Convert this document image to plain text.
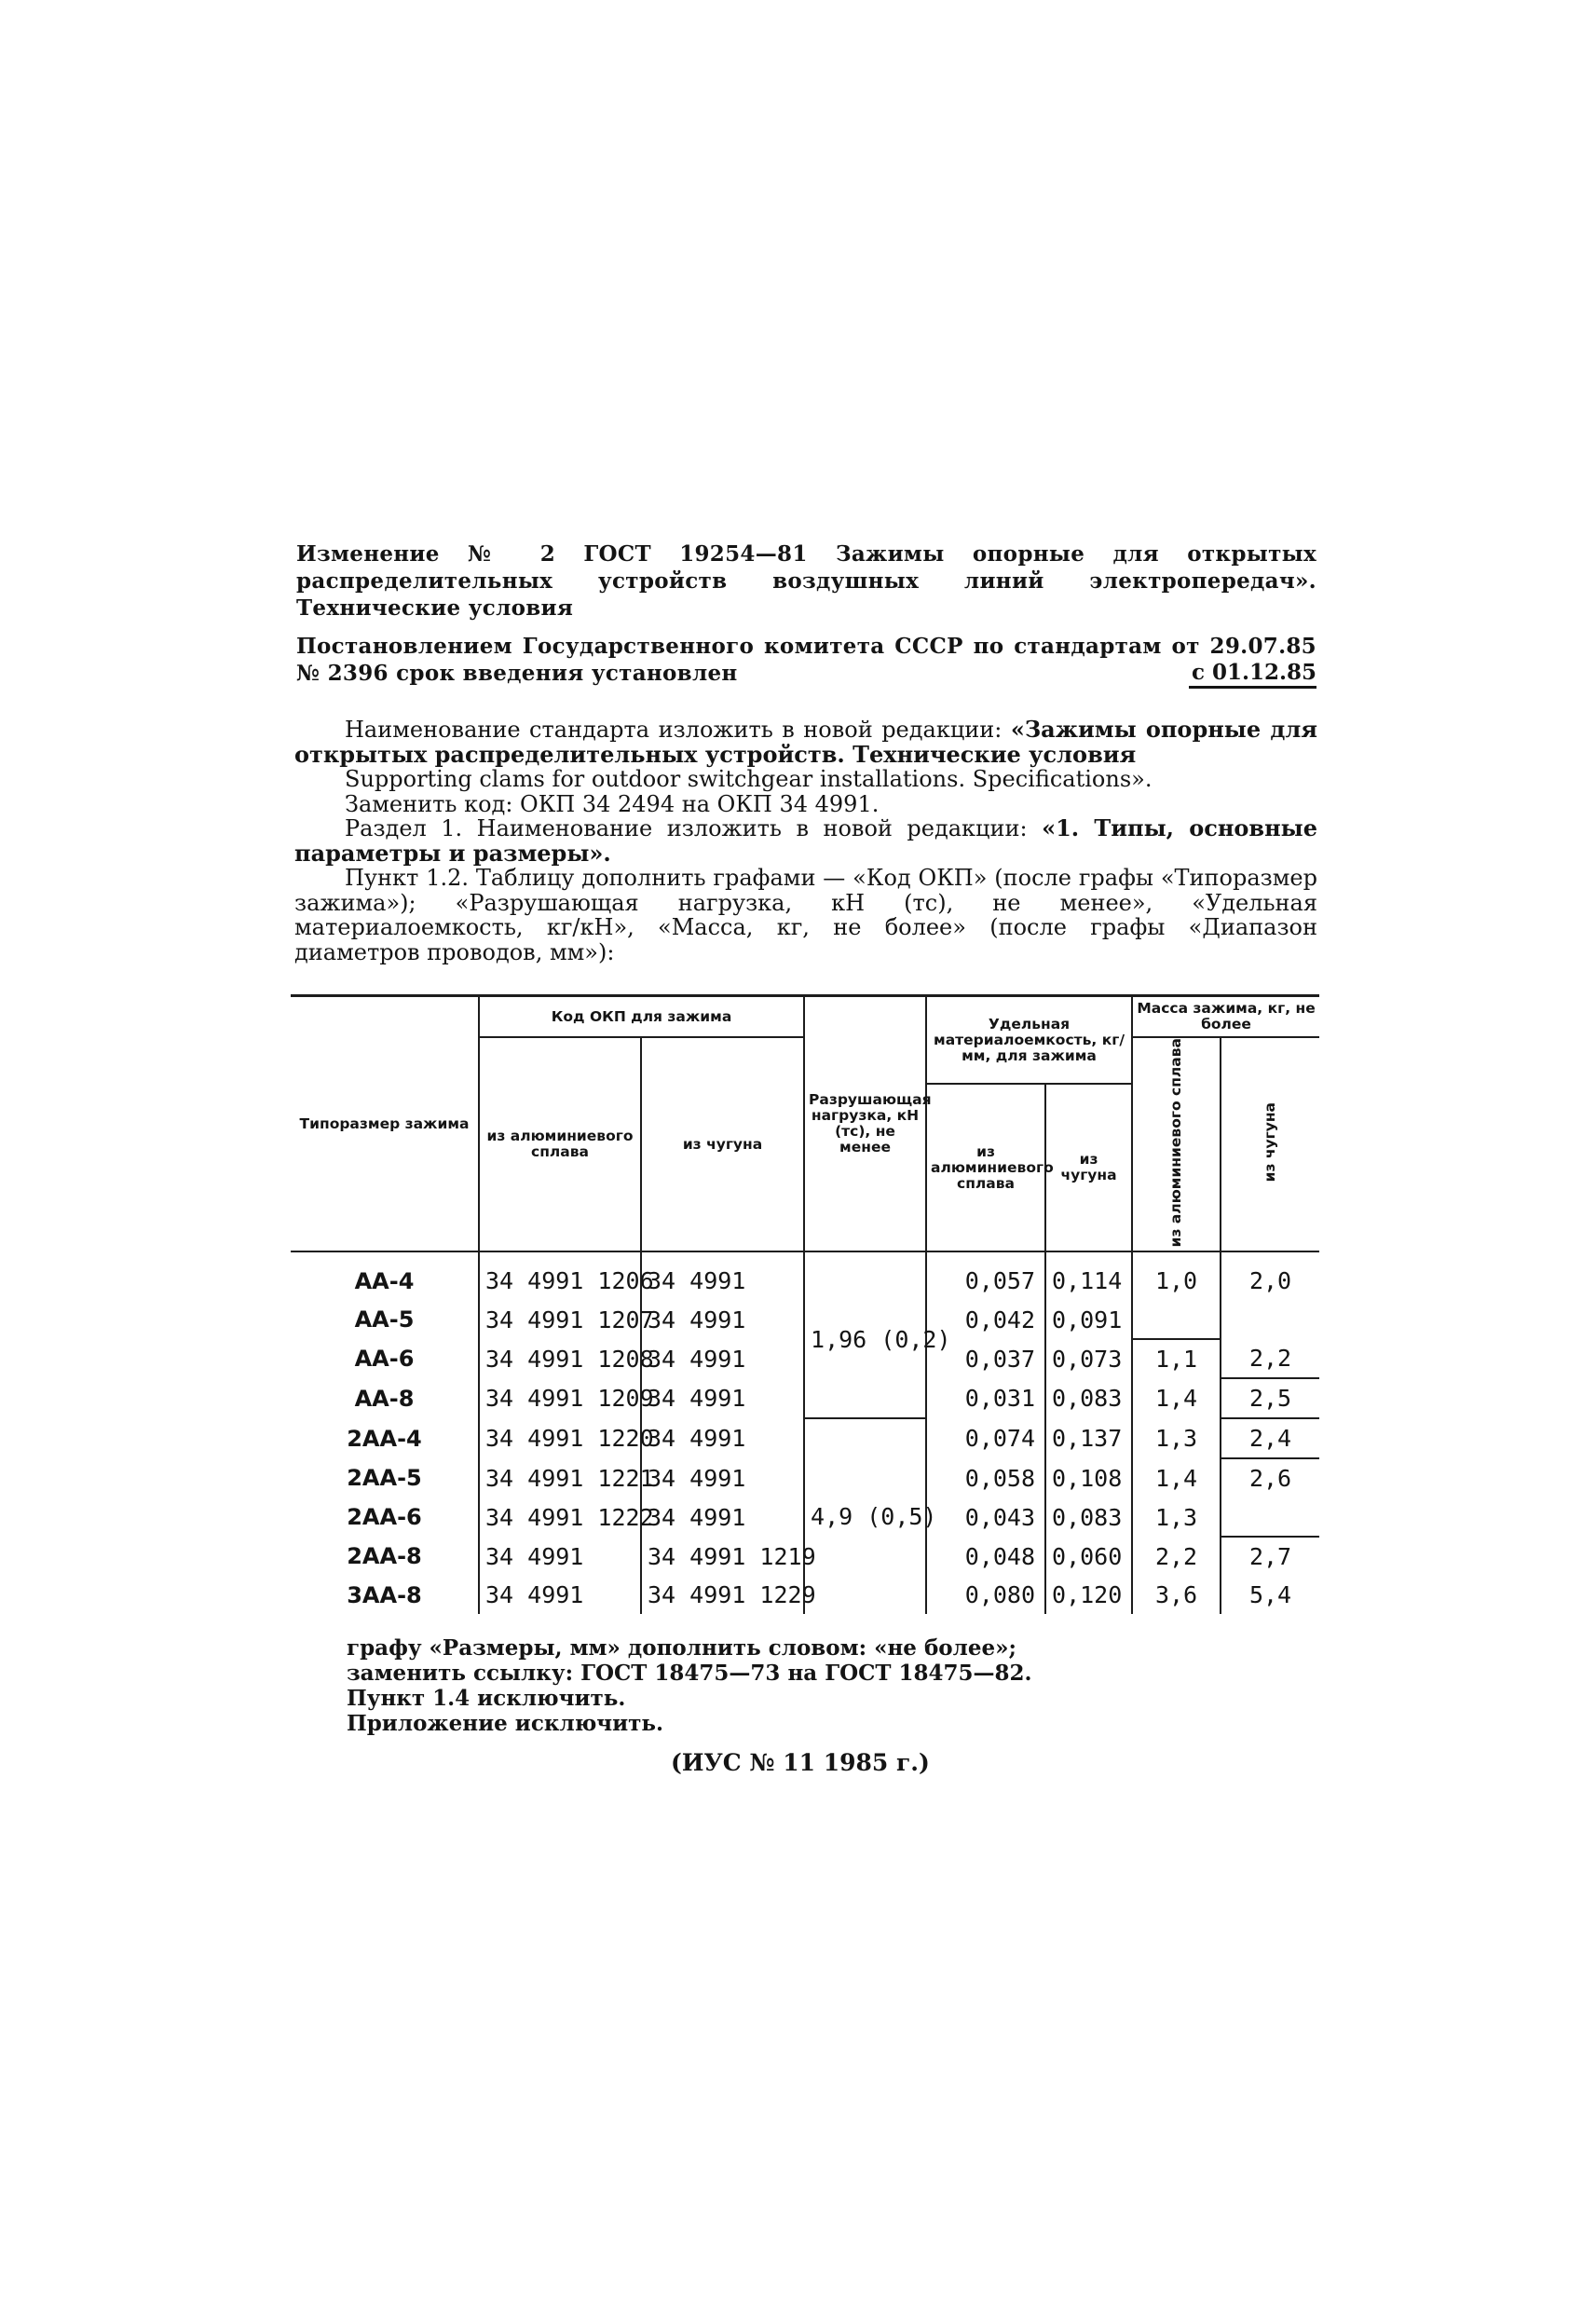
Изменение № 2 ГОСТ 19254—81 Зажимы опорные для открытых распределительных устройств воздушных линий электропередач». Технические условия

Постановлением Государственного комитета СССР по стандартам от 29.07.85 № 2396 срок введения установлен	с 01.12.85

Наименование стандарта изложить в новой редакции: «Зажимы опорные для открытых распределительных устройств. Технические условия

Supporting clams for outdoor switchgear installations. Specifications».

Заменить код: ОКП 34 2494 на ОКП 34 4991.

Раздел 1. Наименование изложить в новой редакции: «1. Типы, основные параметры и размеры».

Пункт 1.2. Таблицу дополнить графами — «Код ОКП» (после графы «Типоразмер зажима»); «Разрушающая нагрузка, кН (тс), не менее», «Удельная материалоемкость, кг/кН», «Масса, кг, не более» (после графы «Диапазон диаметров проводов, мм»):

Типоразмер зажима	Код ОКП для зажима		Разрушающая нагрузка, кН (тс), не менее	Удельная материалоемкость, кг/мм, для зажима		Масса зажима, кг, не более	
	из алюминиевого сплава	из чугуна				из алюминиевого сплава	из чугуна
				из алюминиевого сплава	из чугуна		
АА-4	34 4991 1206	34 4991	1,96 (0,2)	0,057	0,114	1,0	2,0
АА-5	34 4991 1207	34 4991		0,042	0,091		
АА-6	34 4991 1208	34 4991		0,037	0,073	1,1	2,2
АА-8	34 4991 1209	34 4991		0,031	0,083	1,4	2,5
2АА-4	34 4991 1220	34 4991	4,9 (0,5)	0,074	0,137	1,3	2,4
2АА-5	34 4991 1221	34 4991		0,058	0,108	1,4	2,6
2АА-6	34 4991 1222	34 4991		0,043	0,083	1,3	
2АА-8	34 4991	34 4991 1219		0,048	0,060	2,2	2,7
3АА-8	34 4991	34 4991 1229		0,080	0,120	3,6	5,4

графу «Размеры, мм» дополнить словом: «не более»;

заменить ссылку: ГОСТ 18475—73 на ГОСТ 18475—82.

Пункт 1.4 исключить.

Приложение исключить.

(ИУС № 11 1985 г.)
